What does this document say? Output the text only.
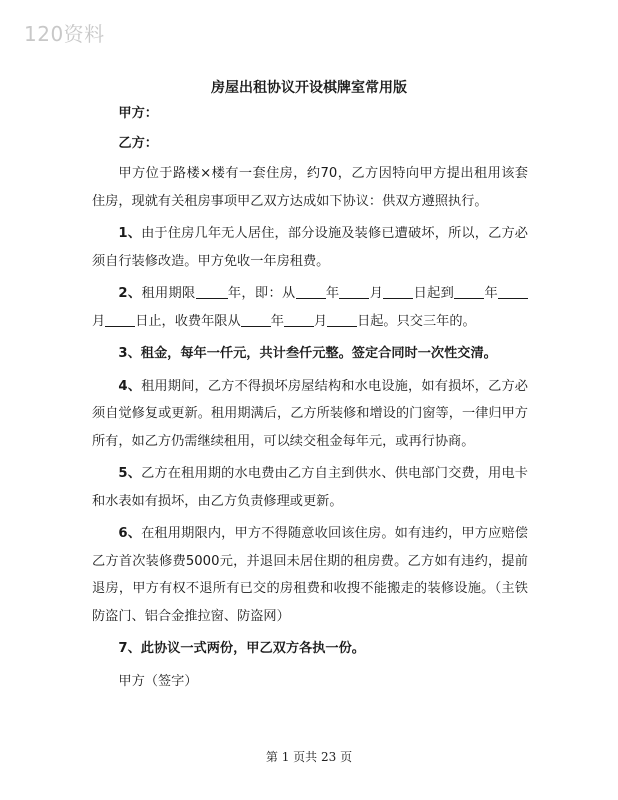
120资料
房屋出租协议开设棋牌室常用版

甲方：

乙方：

甲方位于路楼×楼有一套住房，约70，乙方因特向甲方提出租用该套住房，现就有关租房事项甲乙双方达成如下协议：供双方遵照执行。

1、由于住房几年无人居住，部分设施及装修已遭破坏，所以，乙方必须自行装修改造。甲方免收一年房租费。

2、租用期限 年，即：从 年 月 日起到 年月 日止，收费年限从 年 月 日起。只交三年的。

3、租金，每年一仟元，共计叁仟元整。签定合同时一次性交清。

4、租用期间，乙方不得损坏房屋结构和水电设施，如有损坏，乙方必须自觉修复或更新。租用期满后，乙方所装修和增设的门窗等，一律归甲方所有，如乙方仍需继续租用，可以续交租金每年元，或再行协商。

5、乙方在租用期的水电费由乙方自主到供水、供电部门交费，用电卡和水表如有损坏，由乙方负责修理或更新。

6、在租用期限内，甲方不得随意收回该住房。如有违约，甲方应赔偿乙方首次装修费5000元，并退回未居住期的租房费。乙方如有违约，提前退房，甲方有权不退所有已交的房租费和收搜不能搬走的装修设施。（主铁防盗门、铝合金推拉窗、防盗网）

7、此协议一式两份，甲乙双方各执一份。

甲方（签字）

第 1 页共 23 页
